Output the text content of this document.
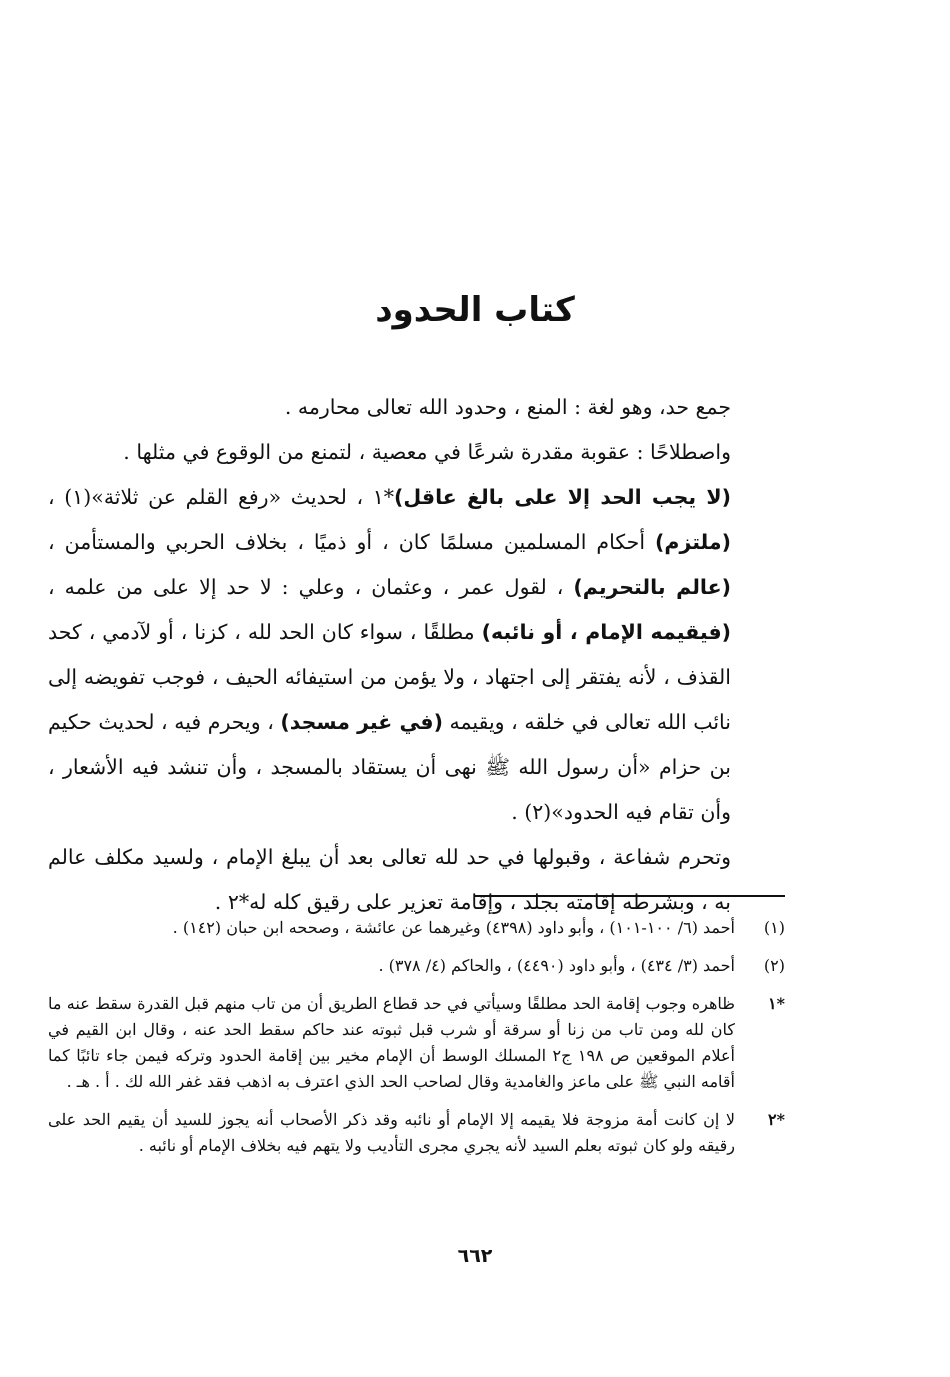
كتاب الحدود

جمع حد، وهو لغة : المنع ، وحدود الله تعالى محارمه .

واصطلاحًا : عقوبة مقدرة شرعًا في معصية ، لتمنع من الوقوع في مثلها .

(لا يجب الحد إلا على بالغ عاقل)*١ ، لحديث «رفع القلم عن ثلاثة»(١) ، (ملتزم) أحكام المسلمين مسلمًا كان ، أو ذميًا ، بخلاف الحربي والمستأمن ، (عالم بالتحريم) ، لقول عمر ، وعثمان ، وعلي : لا حد إلا على من علمه ، (فيقيمه الإمام ، أو نائبه) مطلقًا ، سواء كان الحد لله ، كزنا ، أو لآدمي ، كحد القذف ، لأنه يفتقر إلى اجتهاد ، ولا يؤمن من استيفائه الحيف ، فوجب تفويضه إلى نائب الله تعالى في خلقه ، ويقيمه (في غير مسجد) ، ويحرم فيه ، لحديث حكيم بن حزام «أن رسول الله ﷺ نهى أن يستقاد بالمسجد ، وأن تنشد فيه الأشعار ، وأن تقام فيه الحدود»(٢) .

وتحرم شفاعة ، وقبولها في حد لله تعالى بعد أن يبلغ الإمام ، ولسيد مكلف عالم به ، وبشرطه إقامته بجلد ، وإقامة تعزير على رقيق كله له*٢ .

(١)
أحمد (٦/ ١٠٠-١٠١) ، وأبو داود (٤٣٩٨) وغيرهما عن عائشة ، وصححه ابن حبان (١٤٢) .
(٢)
أحمد (٣/ ٤٣٤) ، وأبو داود (٤٤٩٠) ، والحاكم (٤/ ٣٧٨) .
*١
ظاهره وجوب إقامة الحد مطلقًا وسيأتي في حد قطاع الطريق أن من تاب منهم قبل القدرة سقط عنه ما كان لله ومن تاب من زنا أو سرقة أو شرب قبل ثبوته عند حاكم سقط الحد عنه ، وقال ابن القيم في أعلام الموقعين ص ١٩٨ ج٢ المسلك الوسط أن الإمام مخير بين إقامة الحدود وتركه فيمن جاء تائبًا كما أقامه النبي ﷺ على ماعز والغامدية وقال لصاحب الحد الذي اعترف به اذهب فقد غفر الله لك . أ . هـ .
*٢
لا إن كانت أمة مزوجة فلا يقيمه إلا الإمام أو نائبه وقد ذكر الأصحاب أنه يجوز للسيد أن يقيم الحد على رقيقه ولو كان ثبوته بعلم السيد لأنه يجري مجرى التأديب ولا يتهم فيه بخلاف الإمام أو نائبه .
٦٦٢
